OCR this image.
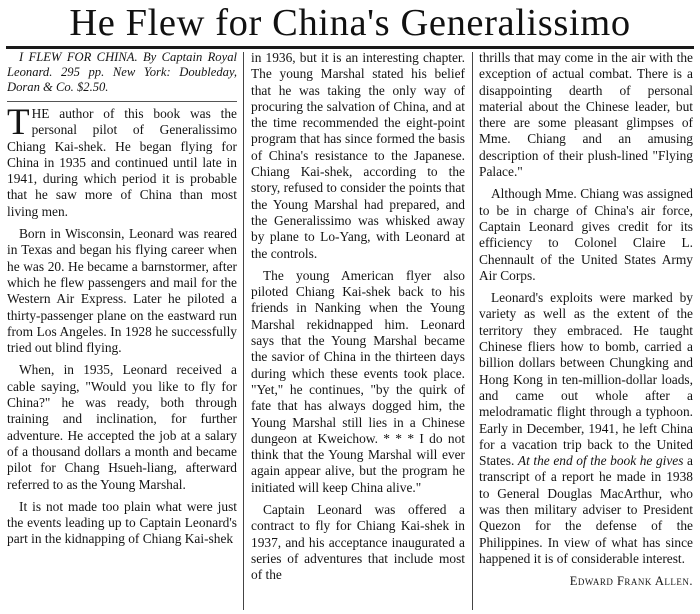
He Flew for China's Generalissimo

I FLEW FOR CHINA. By Captain Royal Leonard. 295 pp. New York: Doubleday, Doran & Co. $2.50.

THE author of this book was the personal pilot of Generalissimo Chiang Kai-shek. He began flying for China in 1935 and continued until late in 1941, during which period it is probable that he saw more of China than most living men.

Born in Wisconsin, Leonard was reared in Texas and began his flying career when he was 20. He became a barnstormer, after which he flew passengers and mail for the Western Air Express. Later he piloted a thirty-passenger plane on the eastward run from Los Angeles. In 1928 he successfully tried out blind flying.

When, in 1935, Leonard received a cable saying, "Would you like to fly for China?" he was ready, both through training and inclination, for further adventure. He accepted the job at a salary of a thousand dollars a month and became pilot for Chang Hsueh-liang, afterward referred to as the Young Marshal.

It is not made too plain what were just the events leading up to Captain Leonard's part in the kidnapping of Chiang Kai-shek

in 1936, but it is an interesting chapter. The young Marshal stated his belief that he was taking the only way of procuring the salvation of China, and at the time recommended the eight-point program that has since formed the basis of China's resistance to the Japanese. Chiang Kai-shek, according to the story, refused to consider the points that the Young Marshal had prepared, and the Generalissimo was whisked away by plane to Lo-Yang, with Leonard at the controls.

The young American flyer also piloted Chiang Kai-shek back to his friends in Nanking when the Young Marshal rekidnapped him. Leonard says that the Young Marshal became the savior of China in the thirteen days during which these events took place. "Yet," he continues, "by the quirk of fate that has always dogged him, the Young Marshal still lies in a Chinese dungeon at Kweichow. * * * I do not think that the Young Marshal will ever again appear alive, but the program he initiated will keep China alive."

Captain Leonard was offered a contract to fly for Chiang Kai-shek in 1937, and his acceptance inaugurated a series of adventures that include most of the

thrills that may come in the air with the exception of actual combat. There is a disappointing dearth of personal material about the Chinese leader, but there are some pleasant glimpses of Mme. Chiang and an amusing description of their plush-lined "Flying Palace."

Although Mme. Chiang was assigned to be in charge of China's air force, Captain Leonard gives credit for its efficiency to Colonel Claire L. Chennault of the United States Army Air Corps.

Leonard's exploits were marked by variety as well as the extent of the territory they embraced. He taught Chinese fliers how to bomb, carried a billion dollars between Chungking and Hong Kong in ten-million-dollar loads, and came out whole after a melodramatic flight through a typhoon. Early in December, 1941, he left China for a vacation trip back to the United States. At the end of the book he gives a transcript of a report he made in 1938 to General Douglas MacArthur, who was then military adviser to President Quezon for the defense of the Philippines. In view of what has since happened it is of considerable interest.

Edward Frank Allen.
